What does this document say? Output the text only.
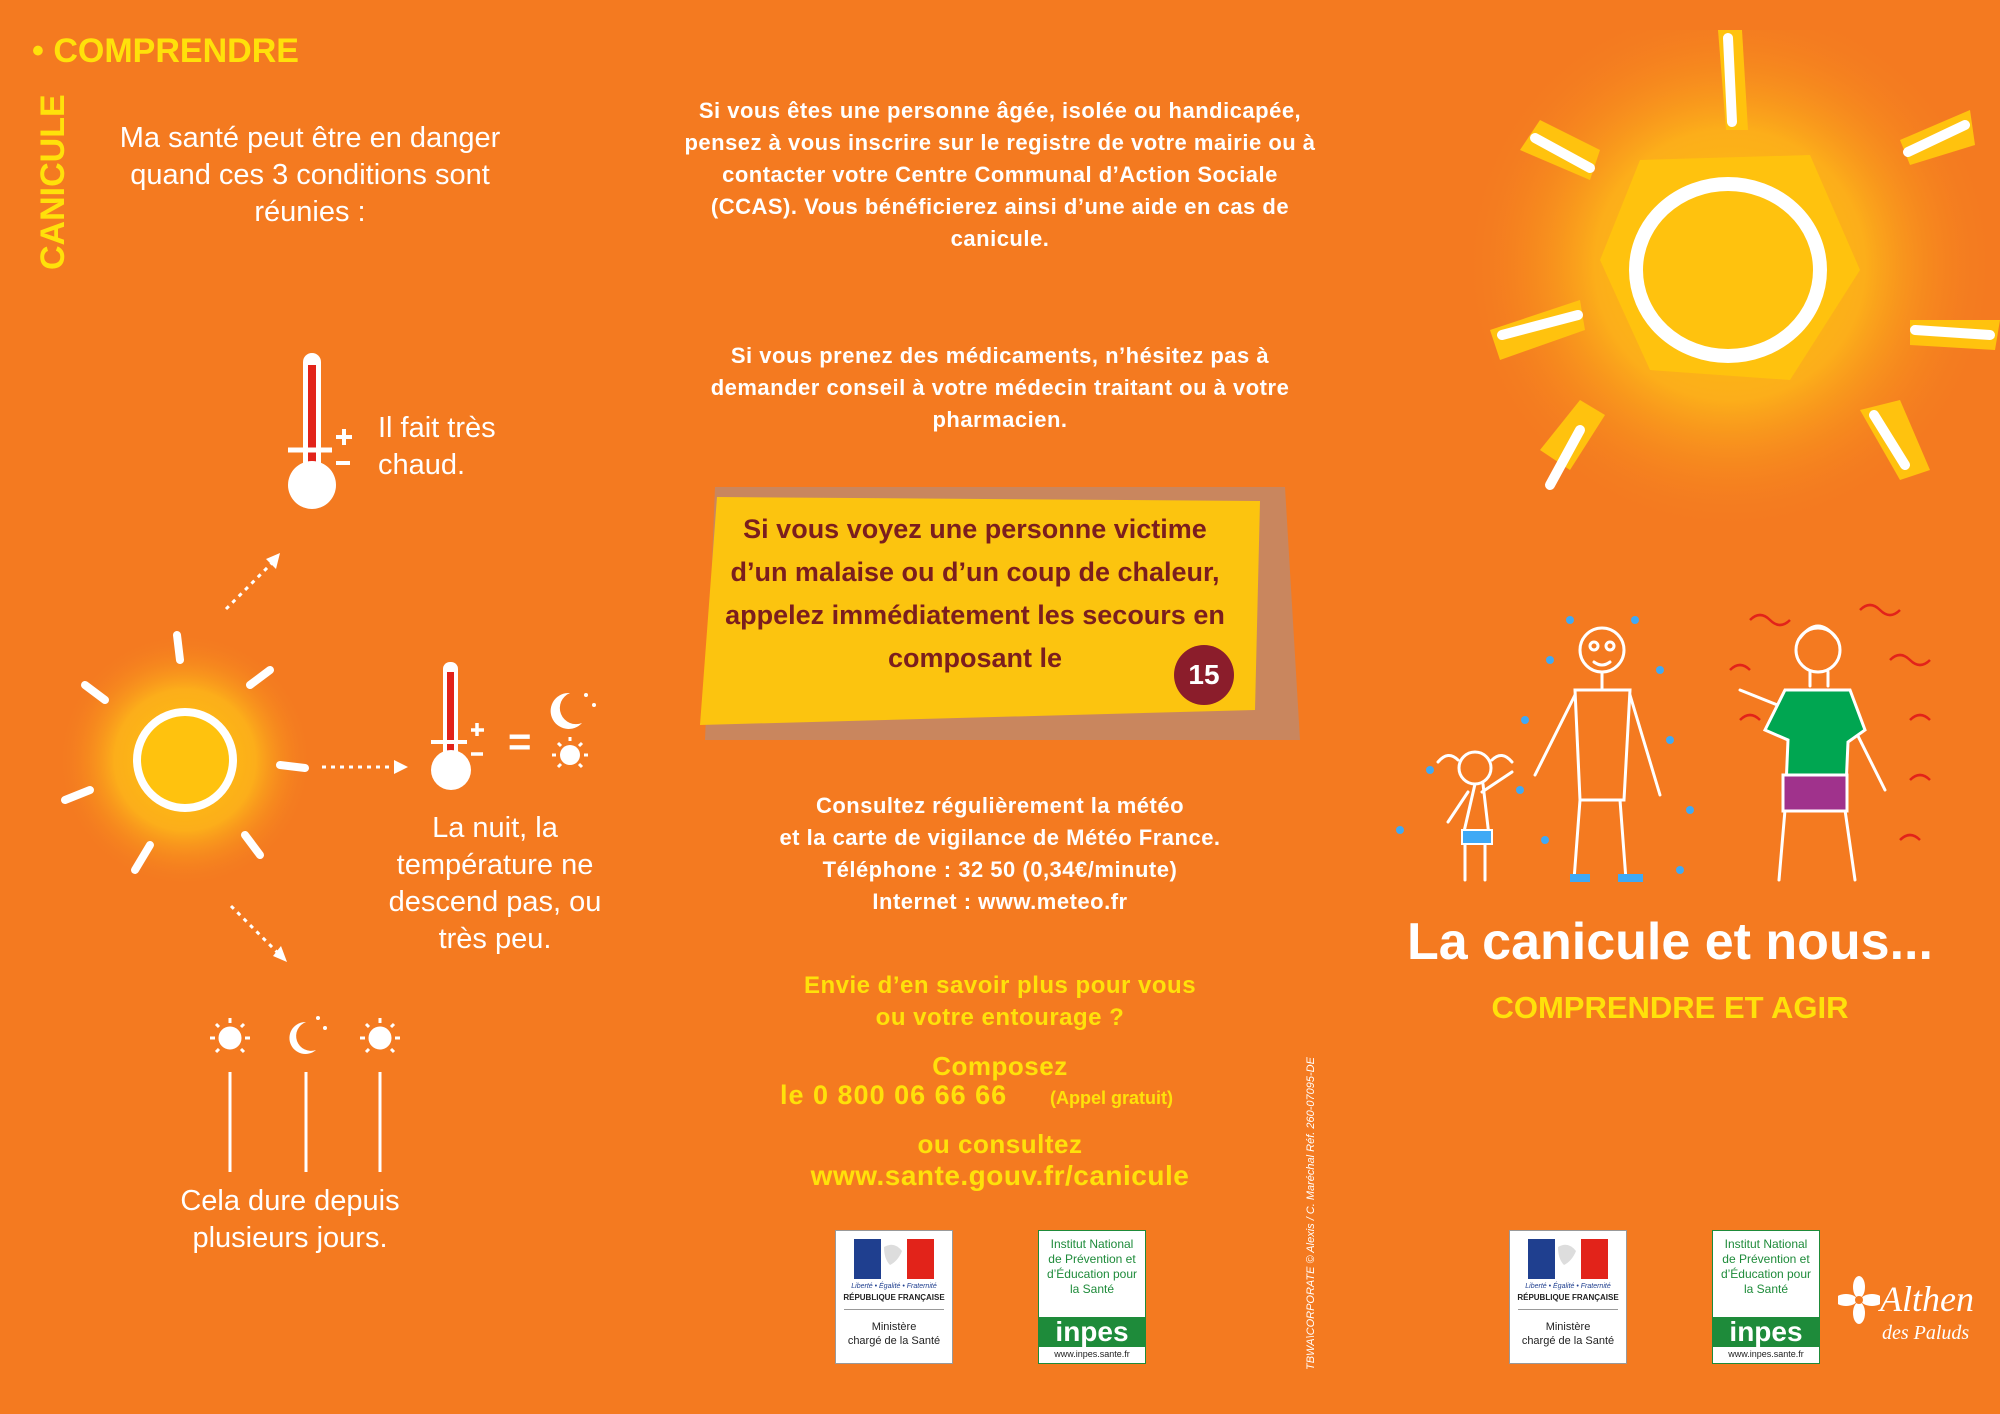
• COMPRENDRE
CANICULE	Ma santé peut être en danger quand ces 3 conditions sont réunies :
Il fait très chaud.
=
La nuit, la température ne descend pas, ou très peu.
Cela dure depuis plusieurs jours.
Si vous êtes une personne âgée, isolée ou handicapée, pensez à vous inscrire sur le registre de votre mairie ou à contacter votre Centre Communal d’Action Sociale (CCAS). Vous bénéficierez ainsi d’une aide en cas de canicule.
Si vous prenez des médicaments, n’hésitez pas à demander conseil à votre médecin traitant ou à votre pharmacien.
Si vous voyez une personne victime d’un malaise ou d’un coup de chaleur, appelez immédiatement les secours en composant le
15
Consultez régulièrement la météo
et la carte de vigilance de Météo France.
Téléphone : 32 50 (0,34€/minute)
Internet : www.meteo.fr
Envie d’en savoir plus pour vous
ou votre entourage ?
Composez
le 0 800 06 66 66 (Appel gratuit)
ou consultez
www.sante.gouv.fr/canicule
Liberté • Égalité • Fraternité
RÉPUBLIQUE FRANÇAISE
Ministère
chargé de la Santé
Institut National de Prévention et d’Éducation pour la Santé
inpes
www.inpes.sante.fr	TBWA\CORPORATE © Alexis / C. Maréchal Réf. 260-07095-DE
La canicule et nous...
COMPRENDRE ET AGIR
Liberté • Égalité • Fraternité
RÉPUBLIQUE FRANÇAISE
Ministère
chargé de la Santé
Institut National de Prévention et d’Éducation pour la Santé
inpes
www.inpes.sante.fr
Althen
des Paluds
